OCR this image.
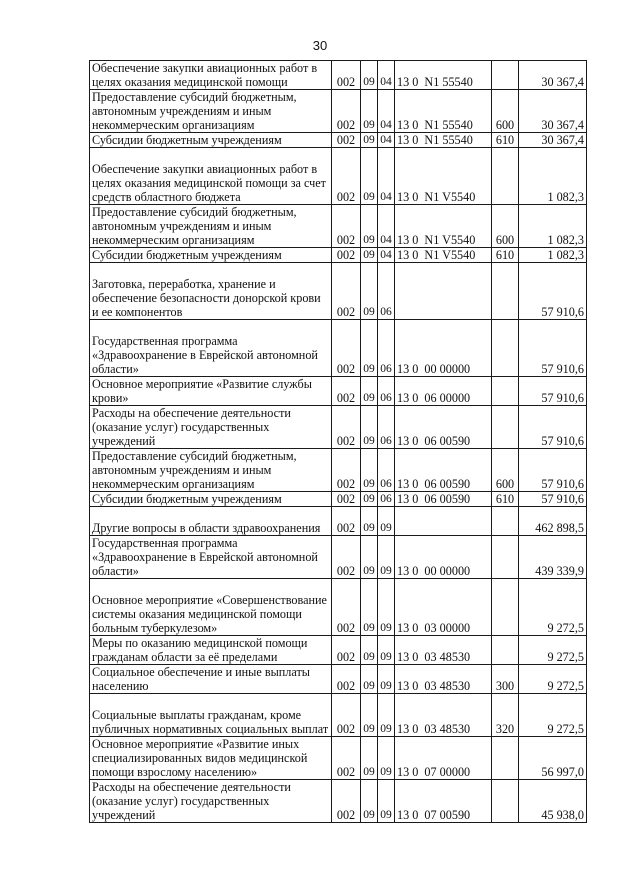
30
Обеспечение закупки авиационных работ в целях оказания медицинской помощи	002	09	04	13 0  N1 55540		30 367,4
Предоставление субсидий бюджетным, автономным учреждениям и иным некоммерческим организациям	002	09	04	13 0  N1 55540	600	30 367,4
Субсидии бюджетным учреждениям	002	09	04	13 0  N1 55540	610	30 367,4
Обеспечение закупки авиационных работ в целях оказания медицинской помощи за счет средств областного бюджета	002	09	04	13 0  N1 V5540		1 082,3
Предоставление субсидий бюджетным, автономным учреждениям и иным некоммерческим организациям	002	09	04	13 0  N1 V5540	600	1 082,3
Субсидии бюджетным учреждениям	002	09	04	13 0  N1 V5540	610	1 082,3
Заготовка, переработка, хранение и обеспечение безопасности донорской крови и ее компонентов	002	09	06			57 910,6
Государственная программа «Здравоохранение в Еврейской автономной области»	002	09	06	13 0  00 00000		57 910,6
Основное мероприятие «Развитие службы крови»	002	09	06	13 0  06 00000		57 910,6
Расходы на обеспечение деятельности (оказание услуг) государственных учреждений	002	09	06	13 0  06 00590		57 910,6
Предоставление субсидий бюджетным, автономным учреждениям и иным некоммерческим организациям	002	09	06	13 0  06 00590	600	57 910,6
Субсидии бюджетным учреждениям	002	09	06	13 0  06 00590	610	57 910,6
Другие вопросы в области здравоохранения	002	09	09			462 898,5
Государственная программа «Здравоохранение в Еврейской автономной области»	002	09	09	13 0  00 00000		439 339,9
Основное мероприятие «Совершенствование системы оказания медицинской помощи больным туберкулезом»	002	09	09	13 0  03 00000		9 272,5
Меры по оказанию медицинской помощи гражданам области за её пределами	002	09	09	13 0  03 48530		9 272,5
Социальное обеспечение и иные выплаты населению	002	09	09	13 0  03 48530	300	9 272,5
Социальные выплаты гражданам, кроме публичных нормативных социальных выплат	002	09	09	13 0  03 48530	320	9 272,5
Основное мероприятие «Развитие иных специализированных видов медицинской помощи взрослому населению»	002	09	09	13 0  07 00000		56 997,0
Расходы на обеспечение деятельности (оказание услуг) государственных учреждений	002	09	09	13 0  07 00590		45 938,0
